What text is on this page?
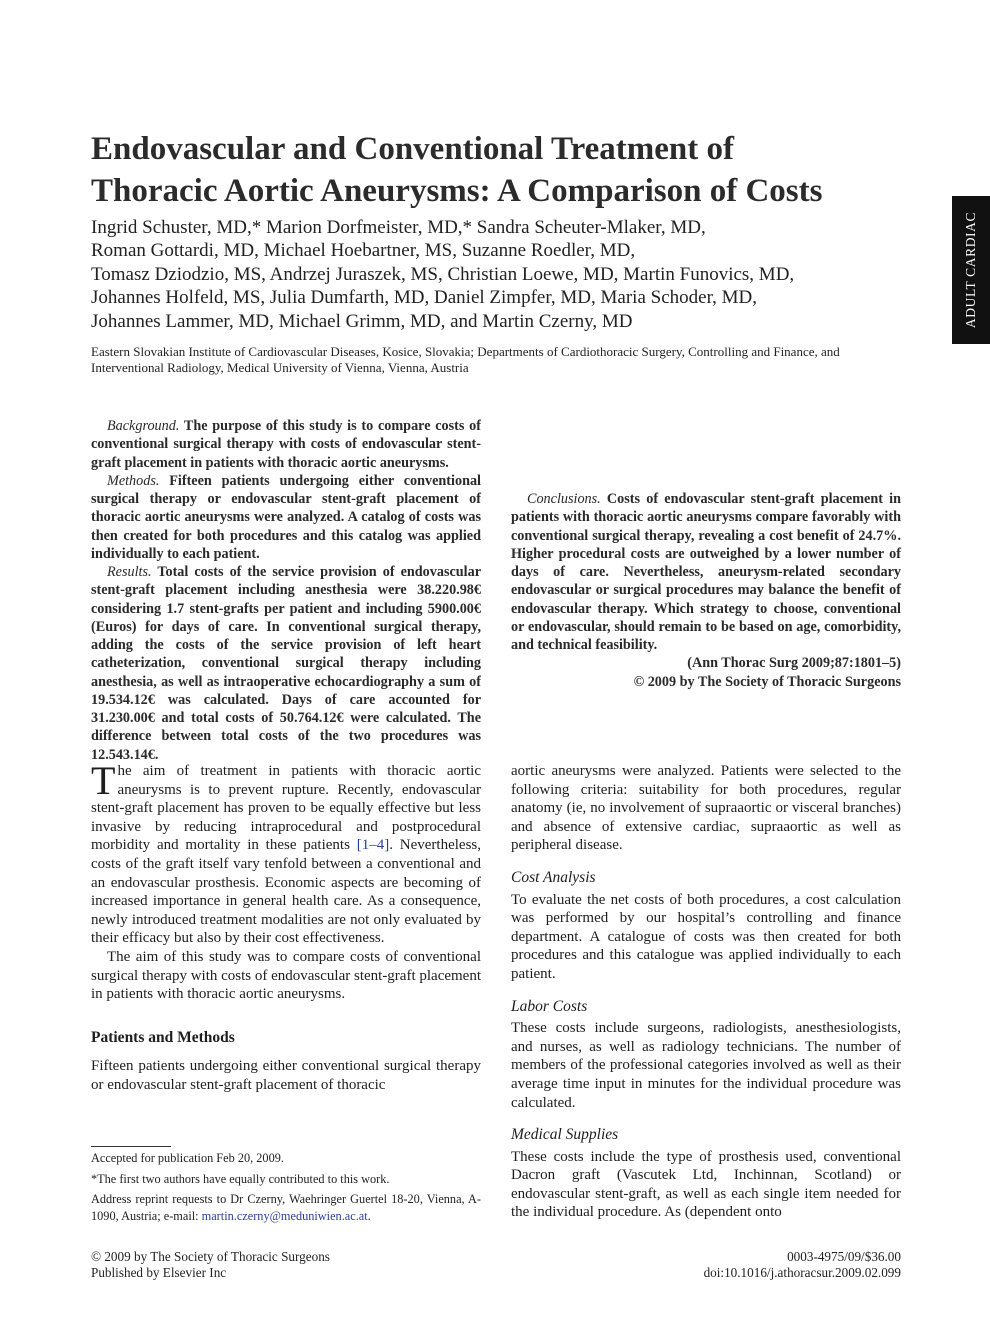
ADULT CARDIAC
Endovascular and Conventional Treatment of
Thoracic Aortic Aneurysms: A Comparison of Costs
Ingrid Schuster, MD,* Marion Dorfmeister, MD,* Sandra Scheuter-Mlaker, MD,
Roman Gottardi, MD, Michael Hoebartner, MS, Suzanne Roedler, MD,
Tomasz Dziodzio, MS, Andrzej Juraszek, MS, Christian Loewe, MD, Martin Funovics, MD,
Johannes Holfeld, MS, Julia Dumfarth, MD, Daniel Zimpfer, MD, Maria Schoder, MD,
Johannes Lammer, MD, Michael Grimm, MD, and Martin Czerny, MD
Eastern Slovakian Institute of Cardiovascular Diseases, Kosice, Slovakia; Departments of Cardiothoracic Surgery, Controlling and Finance, and Interventional Radiology, Medical University of Vienna, Vienna, Austria

Background. The purpose of this study is to compare costs of conventional surgical therapy with costs of endovascular stent-graft placement in patients with thoracic aortic aneurysms.

Methods. Fifteen patients undergoing either conventional surgical therapy or endovascular stent-graft placement of thoracic aortic aneurysms were analyzed. A catalog of costs was then created for both procedures and this catalog was applied individually to each patient.

Results. Total costs of the service provision of endovascular stent-graft placement including anesthesia were 38.220.98€ considering 1.7 stent-grafts per patient and including 5900.00€ (Euros) for days of care. In conventional surgical therapy, adding the costs of the service provision of left heart catheterization, conventional surgical therapy including anesthesia, as well as intraoperative echocardiography a sum of 19.534.12€ was calculated. Days of care accounted for 31.230.00€ and total costs of 50.764.12€ were calculated. The difference between total costs of the two procedures was 12.543.14€.

Conclusions. Costs of endovascular stent-graft placement in patients with thoracic aortic aneurysms compare favorably with conventional surgical therapy, revealing a cost benefit of 24.7%. Higher procedural costs are outweighed by a lower number of days of care. Nevertheless, aneurysm-related secondary endovascular or surgical procedures may balance the benefit of endovascular therapy. Which strategy to choose, conventional or endovascular, should remain to be based on age, comorbidity, and technical feasibility.

(Ann Thorac Surg 2009;87:1801–5)

© 2009 by The Society of Thoracic Surgeons

The aim of treatment in patients with thoracic aortic aneurysms is to prevent rupture. Recently, endovascular stent-graft placement has proven to be equally effective but less invasive by reducing intraprocedural and postprocedural morbidity and mortality in these patients [1–4]. Nevertheless, costs of the graft itself vary tenfold between a conventional and an endovascular prosthesis. Economic aspects are becoming of increased importance in general health care. As a consequence, newly introduced treatment modalities are not only evaluated by their efficacy but also by their cost effectiveness.

The aim of this study was to compare costs of conventional surgical therapy with costs of endovascular stent-graft placement in patients with thoracic aortic aneurysms.

Patients and Methods

Fifteen patients undergoing either conventional surgical therapy or endovascular stent-graft placement of thoracic

aortic aneurysms were analyzed. Patients were selected to the following criteria: suitability for both procedures, regular anatomy (ie, no involvement of supraaortic or visceral branches) and absence of extensive cardiac, supraaortic as well as peripheral disease.

Cost Analysis

To evaluate the net costs of both procedures, a cost calculation was performed by our hospital’s controlling and finance department. A catalogue of costs was then created for both procedures and this catalogue was applied individually to each patient.

Labor Costs

These costs include surgeons, radiologists, anesthesiologists, and nurses, as well as radiology technicians. The number of members of the professional categories involved as well as their average time input in minutes for the individual procedure was calculated.

Medical Supplies

These costs include the type of prosthesis used, conventional Dacron graft (Vascutek Ltd, Inchinnan, Scotland) or endovascular stent-graft, as well as each single item needed for the individual procedure. As (dependent onto

Accepted for publication Feb 20, 2009.

*The first two authors have equally contributed to this work.

Address reprint requests to Dr Czerny, Waehringer Guertel 18-20, Vienna, A-1090, Austria; e-mail: martin.czerny@meduniwien.ac.at.

© 2009 by The Society of Thoracic Surgeons
Published by Elsevier Inc
0003-4975/09/$36.00
doi:10.1016/j.athoracsur.2009.02.099
